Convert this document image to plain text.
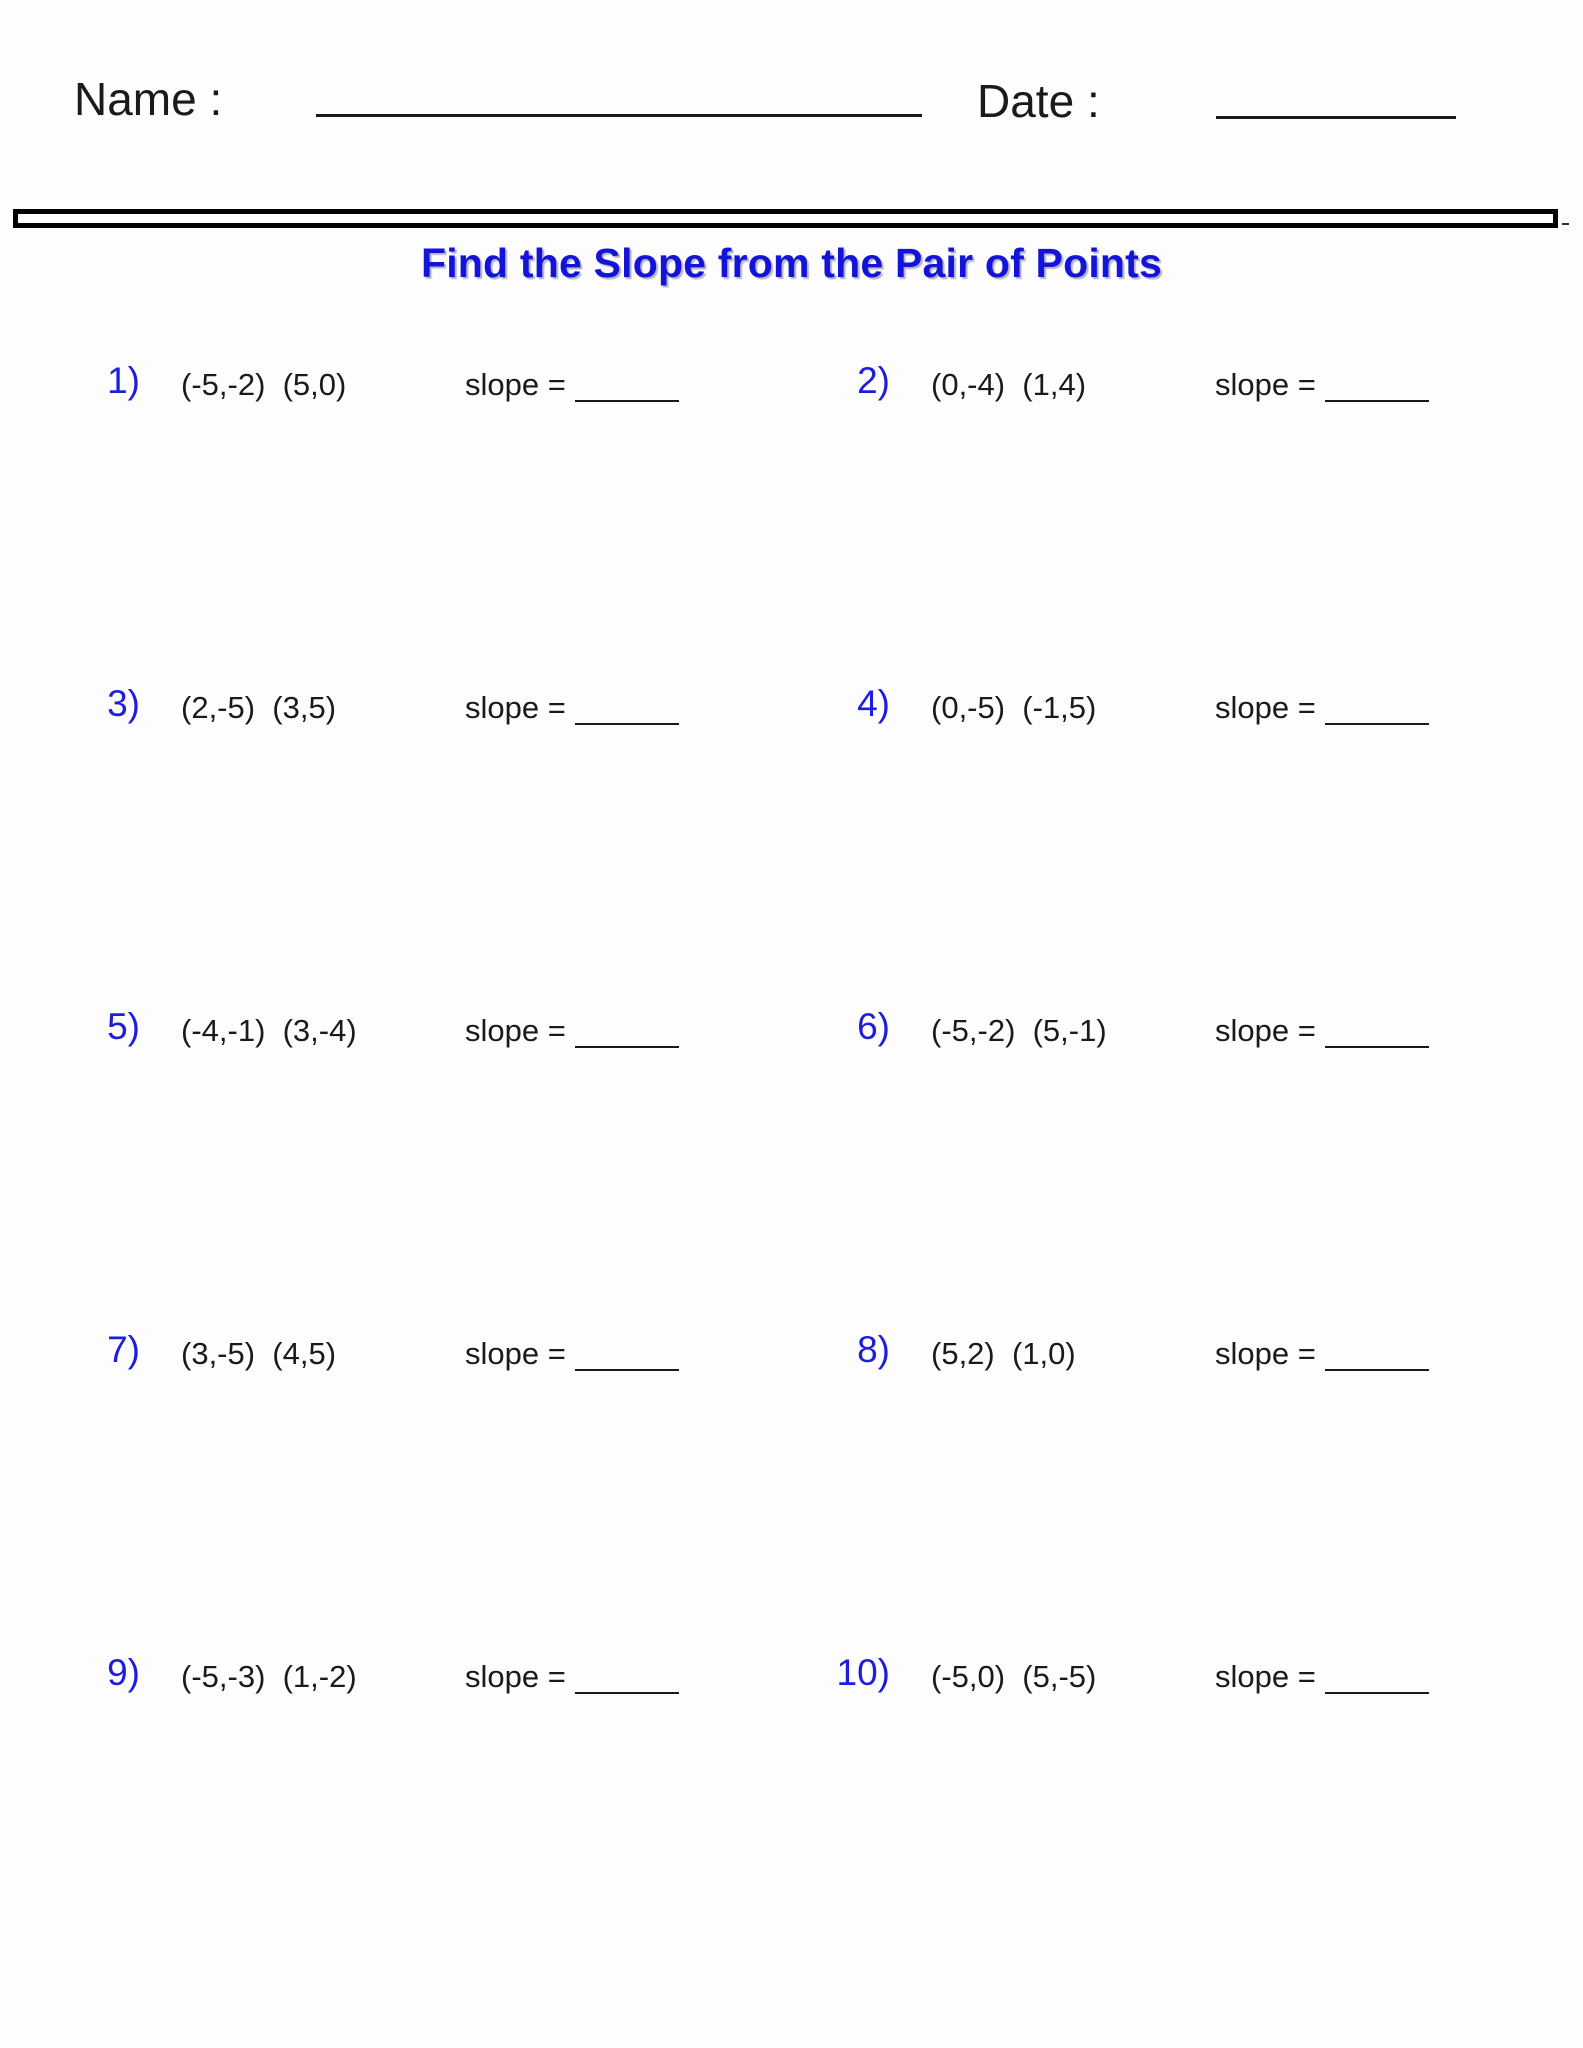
Name :	Date :
Find the Slope from the Pair of Points
1) (-5,-2)  (5,0)	slope =	2) (0,-4)  (1,4)	slope =
3) (2,-5)  (3,5)	slope =	4) (0,-5)  (-1,5)	slope =
5) (-4,-1)  (3,-4)	slope =	6) (-5,-2)  (5,-1)	slope =
7) (3,-5)  (4,5)	slope =	8) (5,2)  (1,0)	slope =
9) (-5,-3)  (1,-2)	slope =	10) (-5,0)  (5,-5)	slope =
